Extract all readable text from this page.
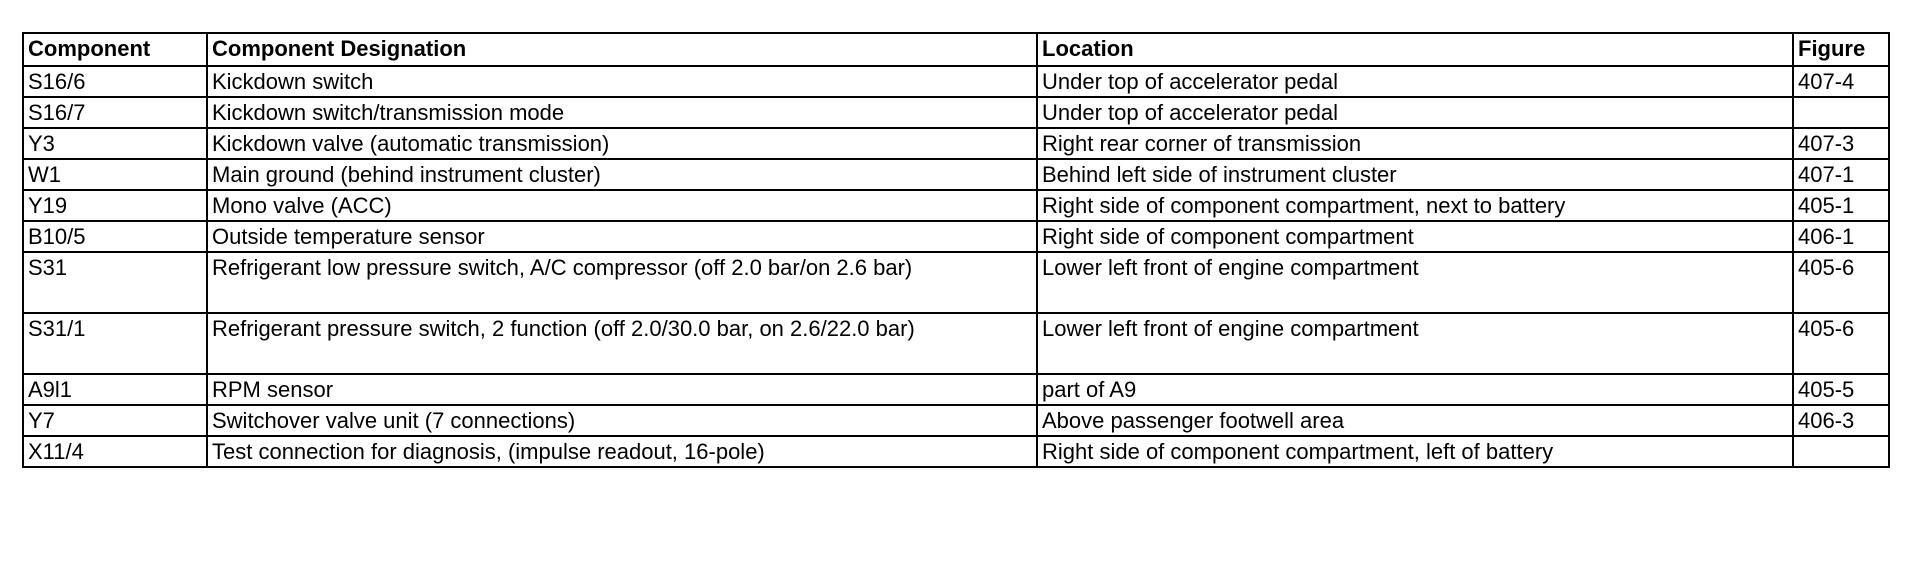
Component	Component Designation	Location	Figure
S16/6	Kickdown switch	Under top of accelerator pedal	407-4
S16/7	Kickdown switch/transmission mode	Under top of accelerator pedal	
Y3	Kickdown valve (automatic transmission)	Right rear corner of transmission	407-3
W1	Main ground (behind instrument cluster)	Behind left side of instrument cluster	407-1
Y19	Mono valve (ACC)	Right side of component compartment, next to battery	405-1
B10/5	Outside temperature sensor	Right side of component compartment	406-1
S31	Refrigerant low pressure switch, A/C compressor (off 2.0 bar/on 2.6 bar)	Lower left front of engine compartment	405-6
S31/1	Refrigerant pressure switch, 2 function (off 2.0/30.0 bar, on 2.6/22.0 bar)	Lower left front of engine compartment	405-6
A9l1	RPM sensor	part of A9	405-5
Y7	Switchover valve unit (7 connections)	Above passenger footwell area	406-3
X11/4	Test connection for diagnosis, (impulse readout, 16-pole)	Right side of component compartment, left of battery	
